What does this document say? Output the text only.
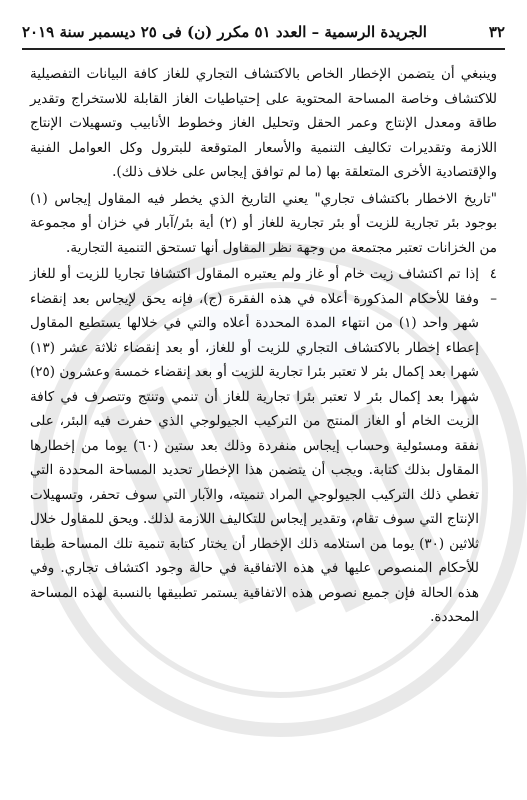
٣٢
الجريدة الرسمية – العدد ٥١ مكرر (ن) فى ٢٥ ديسمبر سنة ٢٠١٩

وينبغي أن يتضمن الإخطار الخاص بالاكتشاف التجاري للغاز كافة البيانات التفصيلية للاكتشاف وخاصة المساحة المحتوية على إحتياطيات الغاز القابلة للاستخراج وتقدير طاقة ومعدل الإنتاج وعمر الحقل وتحليل الغاز وخطوط الأنابيب وتسهيلات الإنتاج اللازمة وتقديرات تكاليف التنمية والأسعار المتوقعة للبترول وكل العوامل الفنية والإقتصادية الأخرى المتعلقة بها (ما لم توافق إيجاس على خلاف ذلك).

"تاريخ الاخطار باكتشاف تجاري" يعني التاريخ الذي يخطر فيه المقاول إيجاس (١) بوجود بئر تجارية للزيت أو بئر تجارية للغاز أو (٢) أية بئر/آبار في خزان أو مجموعة من الخزانات تعتبر مجتمعة من وجهة نظر المقاول أنها تستحق التنمية التجارية.

٤ –
إذا تم اكتشاف زيت خام أو غاز ولم يعتبره المقاول اكتشافا تجاريا للزيت أو للغاز وفقا للأحكام المذكورة أعلاه في هذه الفقرة (ج)، فإنه يحق لإيجاس بعد إنقضاء شهر واحد (١) من انتهاء المدة المحددة أعلاه والتي في خلالها يستطيع المقاول إعطاء إخطار بالاكتشاف التجاري للزيت أو للغاز، أو بعد إنقضاء ثلاثة عشر (١٣) شهرا بعد إكمال بئر لا تعتبر بئرا تجارية للزيت أو بعد إنقضاء خمسة وعشرون (٢٥) شهرا بعد إكمال بئر لا تعتبر بئرا تجارية للغاز أن تنمي وتنتج وتتصرف في كافة الزيت الخام أو الغاز المنتج من التركيب الجيولوجي الذي حفرت فيه البئر، على نفقة ومسئولية وحساب إيجاس منفردة وذلك بعد ستين (٦٠) يوما من إخطارها المقاول بذلك كتابة. ويجب أن يتضمن هذا الإخطار تحديد المساحة المحددة التي تغطي ذلك التركيب الجيولوجي المراد تنميته، والآبار التي سوف تحفر، وتسهيلات الإنتاج التي سوف تقام، وتقدير إيجاس للتكاليف اللازمة لذلك. ويحق للمقاول خلال ثلاثين (٣٠) يوما من استلامه ذلك الإخطار أن يختار كتابة تنمية تلك المساحة طبقا للأحكام المنصوص عليها في هذه الاتفاقية في حالة وجود اكتشاف تجاري. وفي هذه الحالة فإن جميع نصوص هذه الاتفاقية يستمر تطبيقها بالنسبة لهذه المساحة المحددة.
